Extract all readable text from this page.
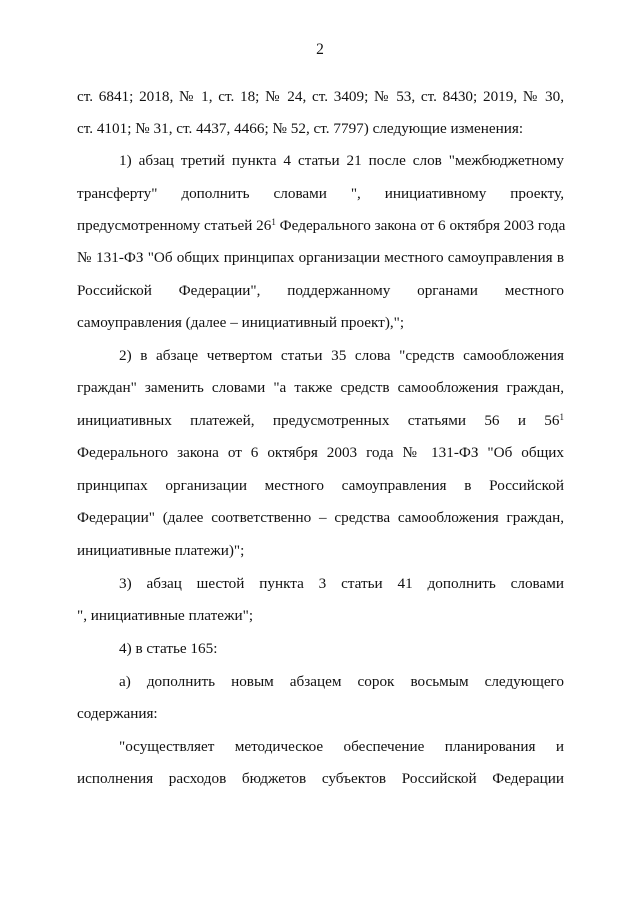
2
ст. 6841; 2018, № 1, ст. 18; № 24, ст. 3409; № 53, ст. 8430; 2019, № 30,
ст. 4101; № 31, ст. 4437, 4466; № 52, ст. 7797) следующие изменения:
1) абзац третий пункта 4 статьи 21 после слов "межбюджетному
трансферту" дополнить словами ", инициативному проекту,
предусмотренному статьей $26^1$ Федерального закона от 6 октября 2003 года
№ 131-ФЗ "Об общих принципах организации местного самоуправления в
Российской Федерации", поддержанному органами местного
самоуправления (далее – инициативный проект),";
2) в абзаце четвертом статьи 35 слова "средств самообложения
граждан" заменить словами "а также средств самообложения граждан,
инициативных платежей, предусмотренных статьями 56 и $56^1$
Федерального закона от 6 октября 2003 года № 131-ФЗ "Об общих
принципах организации местного самоуправления в Российской
Федерации" (далее соответственно – средства самообложения граждан,
инициативные платежи)";
3) абзац шестой пункта 3 статьи 41 дополнить словами
", инициативные платежи";
4) в статье 165:
а) дополнить новым абзацем сорок восьмым следующего
содержания:
"осуществляет методическое обеспечение планирования и
исполнения расходов бюджетов субъектов Российской Федерации
